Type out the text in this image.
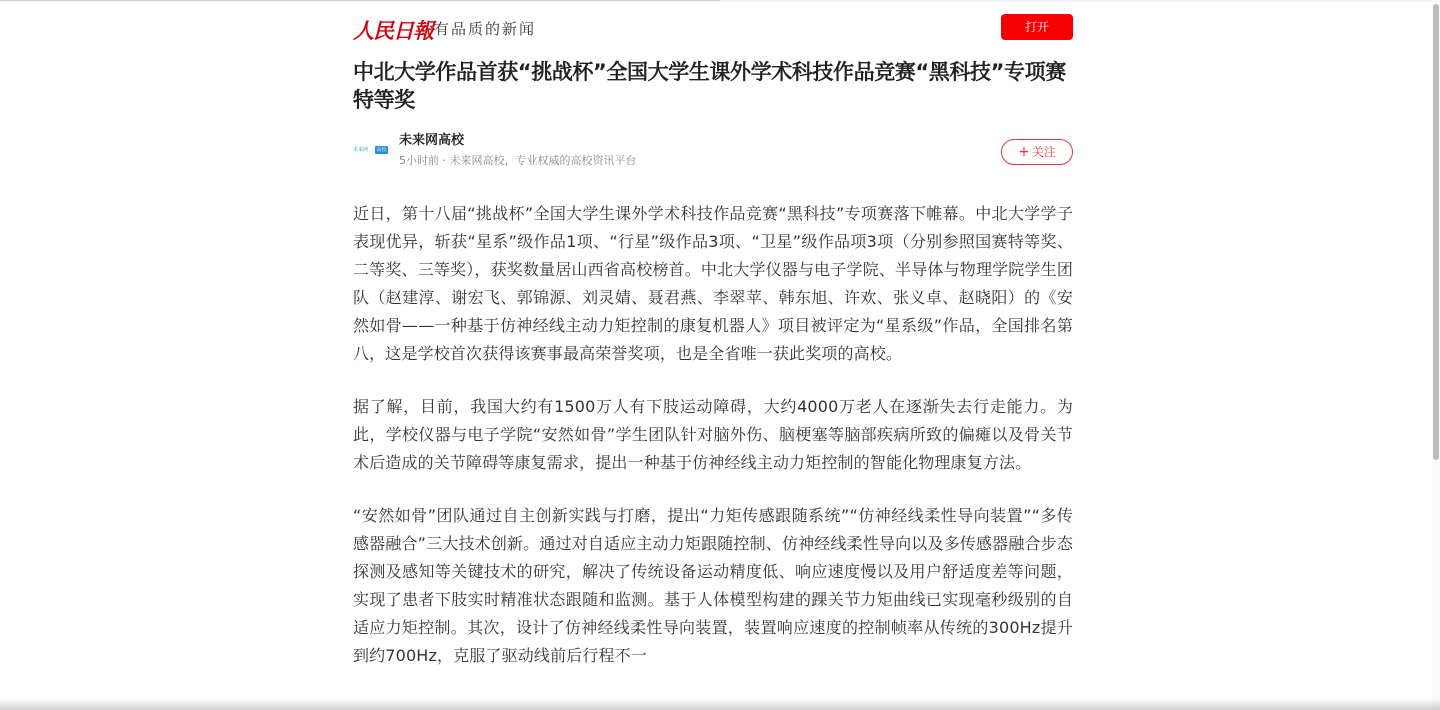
人民日報 有品质的新闻	打开
中北大学作品首获“挑战杯”全国大学生课外学术科技作品竞赛“黑科技”专项赛特等奖
未来网	高校
未来网高校
5小时前 · 未来网高校，专业权威的高校资讯平台
+ 关注

近日，第十八届“挑战杯”全国大学生课外学术科技作品竞赛“黑科技”专项赛落下帷幕。中北大学学子表现优异，斩获“星系”级作品1项、“行星”级作品3项、“卫星”级作品项3项（分别参照国赛特等奖、二等奖、三等奖），获奖数量居山西省高校榜首。中北大学仪器与电子学院、半导体与物理学院学生团队（赵建淳、谢宏飞、郭锦源、刘灵婧、聂君燕、李翠苹、韩东旭、许欢、张义卓、赵晓阳）的《安然如骨——一种基于仿神经线主动力矩控制的康复机器人》项目被评定为“星系级”作品，全国排名第八，这是学校首次获得该赛事最高荣誉奖项，也是全省唯一获此奖项的高校。

据了解，目前，我国大约有1500万人有下肢运动障碍，大约4000万老人在逐渐失去行走能力。为此，学校仪器与电子学院“安然如骨”学生团队针对脑外伤、脑梗塞等脑部疾病所致的偏瘫以及骨关节术后造成的关节障碍等康复需求，提出一种基于仿神经线主动力矩控制的智能化物理康复方法。

“安然如骨”团队通过自主创新实践与打磨，提出“力矩传感跟随系统”“仿神经线柔性导向装置”“多传感器融合”三大技术创新。通过对自适应主动力矩跟随控制、仿神经线柔性导向以及多传感器融合步态探测及感知等关键技术的研究，解决了传统设备运动精度低、响应速度慢以及用户舒适度差等问题，实现了患者下肢实时精准状态跟随和监测。基于人体模型构建的踝关节力矩曲线已实现毫秒级别的自适应力矩控制。其次，设计了仿神经线柔性导向装置，装置响应速度的控制帧率从传统的300Hz提升到约700Hz，克服了驱动线前后行程不一
